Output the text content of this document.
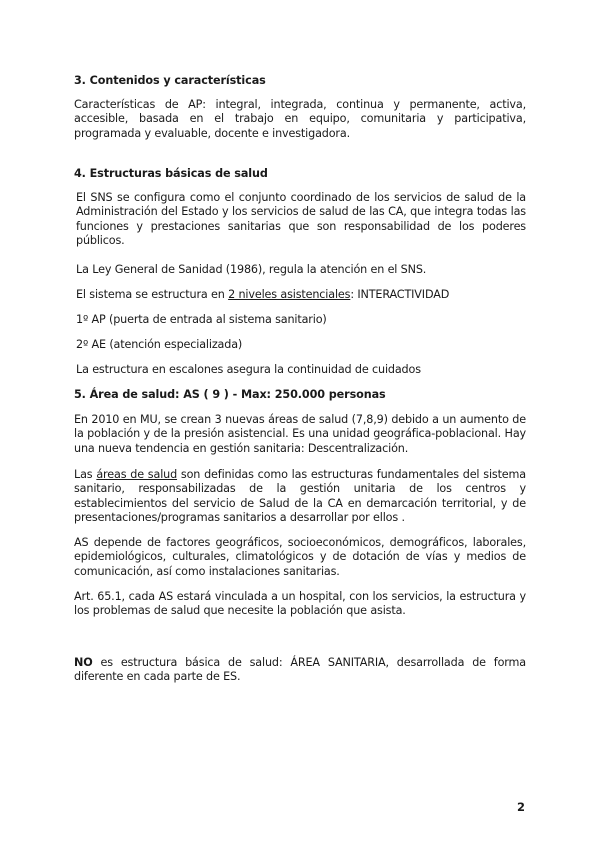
3. Contenidos y características

Características de AP: integral, integrada, continua y permanente, activa, accesible, basada en el trabajo en equipo, comunitaria y participativa, programada y evaluable, docente e investigadora.

4. Estructuras básicas de salud

El SNS se configura como el conjunto coordinado de los servicios de salud de la Administración del Estado y los servicios de salud de las CA, que integra todas las funciones y prestaciones sanitarias que son responsabilidad de los poderes públicos.

La Ley General de Sanidad (1986), regula la atención en el SNS.

El sistema se estructura en 2 niveles asistenciales: INTERACTIVIDAD

1º AP (puerta de entrada al sistema sanitario)

2º AE (atención especializada)

La estructura en escalones asegura la continuidad de cuidados

5. Área de salud: AS ( 9 ) - Max: 250.000 personas

En 2010 en MU, se crean 3 nuevas áreas de salud (7,8,9) debido a un aumento de la población y de la presión asistencial. Es una unidad geográfica-poblacional. Hay una nueva tendencia en gestión sanitaria: Descentralización.

Las áreas de salud son definidas como las estructuras fundamentales del sistema sanitario, responsabilizadas de la gestión unitaria de los centros y establecimientos del servicio de Salud de la CA en demarcación territorial, y de presentaciones/programas sanitarios a desarrollar por ellos .

AS depende de factores geográficos, socioeconómicos, demográficos, laborales, epidemiológicos, culturales, climatológicos y de dotación de vías y medios de comunicación, así como instalaciones sanitarias.

Art. 65.1, cada AS estará vinculada a un hospital, con los servicios, la estructura y los problemas de salud que necesite la población que asista.

NO es estructura básica de salud: ÁREA SANITARIA, desarrollada de forma diferente en cada parte de ES.

2
